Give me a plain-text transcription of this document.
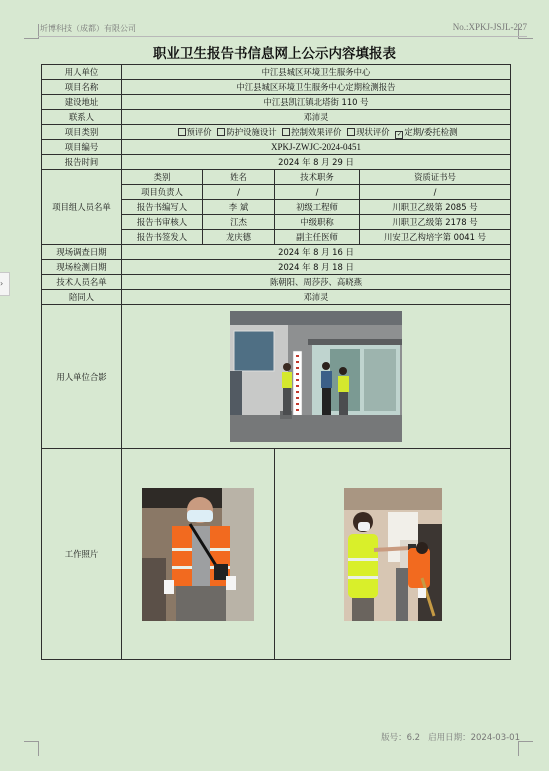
›
圻博科技（成都）有限公司	No.:XPKJ-JSJL-227
职业卫生报告书信息网上公示内容填报表
用人单位	中江县城区环境卫生服务中心			
项目名称	中江县城区环境卫生服务中心定期检测报告			
建设地址	中江县凯江镇北塔街 110 号			
联系人	邓沛灵			
项目类别	预评价 防护设施设计 控制效果评价 现状评价 ✓ 定期/委托检测			
项目编号	XPKJ-ZWJC-2024-0451			
报告时间	2024 年 8 月 29 日			
项目组人员名单	类别	姓名	技术职务	资质证书号
	项目负责人	/	/	/
	报告书编写人	李 斌	初级工程师	川职卫乙级第 2085 号
	报告书审核人	江杰	中级职称	川职卫乙级第 2178 号
	报告书签发人	龙庆德	副主任医师	川安卫乙构培字第 0041 号
现场调查日期	2024 年 8 月 16 日			
现场检测日期	2024 年 8 月 18 日			
技术人员名单	陈朝阳、周莎莎、高晓燕			
陪同人	邓沛灵			
用人单位合影	

工作照片	

版号：6.2 启用日期：2024-03-01
